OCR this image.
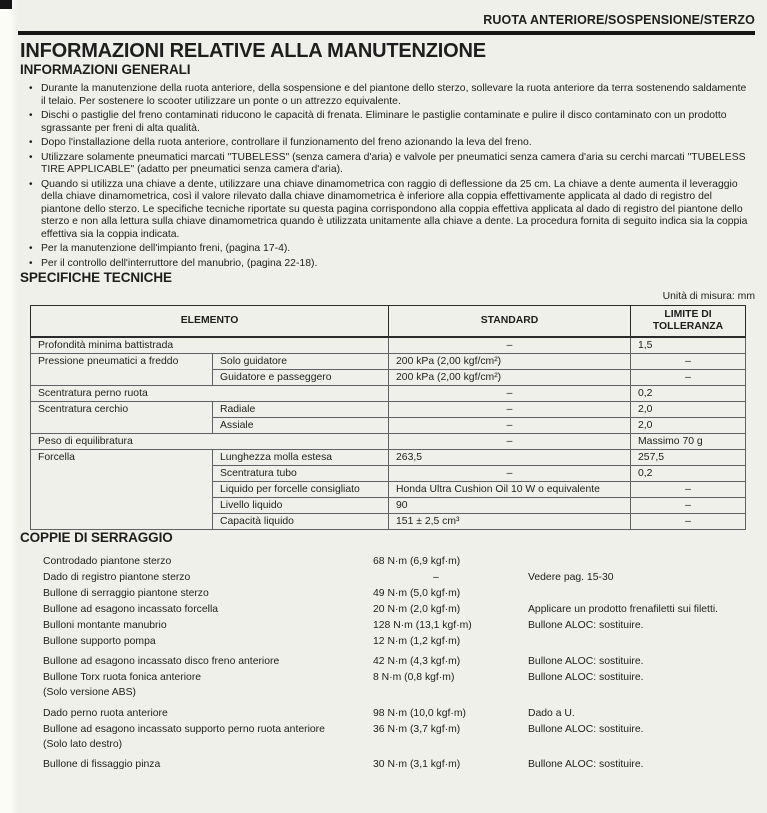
RUOTA ANTERIORE/SOSPENSIONE/STERZO
INFORMAZIONI RELATIVE ALLA MANUTENZIONE
INFORMAZIONI GENERALI
• Durante la manutenzione della ruota anteriore, della sospensione e del piantone dello sterzo, sollevare la ruota anteriore da terra sostenendo saldamente il telaio. Per sostenere lo scooter utilizzare un ponte o un attrezzo equivalente.
• Dischi o pastiglie del freno contaminati riducono le capacità di frenata. Eliminare le pastiglie contaminate e pulire il disco contaminato con un prodotto sgrassante per freni di alta qualità.
• Dopo l'installazione della ruota anteriore, controllare il funzionamento del freno azionando la leva del freno.
• Utilizzare solamente pneumatici marcati "TUBELESS" (senza camera d'aria) e valvole per pneumatici senza camera d'aria su cerchi marcati "TUBELESS TIRE APPLICABLE" (adatto per pneumatici senza camera d'aria).
• Quando si utilizza una chiave a dente, utilizzare una chiave dinamometrica con raggio di deflessione da 25 cm. La chiave a dente aumenta il leveraggio della chiave dinamometrica, così il valore rilevato dalla chiave dinamometrica è inferiore alla coppia effettivamente applicata al dado di registro del piantone dello sterzo. Le specifiche tecniche riportate su questa pagina corrispondono alla coppia effettiva applicata al dado di registro del piantone dello sterzo e non alla lettura sulla chiave dinamometrica quando è utilizzata unitamente alla chiave a dente. La procedura fornita di seguito indica sia la coppia effettiva sia la coppia indicata.
• Per la manutenzione dell'impianto freni, (pagina 17-4).
• Per il controllo dell'interruttore del manubrio, (pagina 22-18).
SPECIFICHE TECNICHE
Unità di misura: mm
ELEMENTO		STANDARD	LIMITE DI TOLLERANZA
Profondità minima battistrada		–	1,5
Pressione pneumatici a freddo	Solo guidatore	200 kPa (2,00 kgf/cm²)	–
	Guidatore e passeggero	200 kPa (2,00 kgf/cm²)	–
Scentratura perno ruota		–	0,2
Scentratura cerchio	Radiale	–	2,0
	Assiale	–	2,0
Peso di equilibratura		–	Massimo 70 g
Forcella	Lunghezza molla estesa	263,5	257,5
	Scentratura tubo	–	0,2
	Liquido per forcelle consigliato	Honda Ultra Cushion Oil 10 W o equivalente	–
	Livello liquido	90	–
	Capacità liquido	151 ± 2,5 cm³	–
COPPIE DI SERRAGGIO
Controdado piantone sterzo	68 N·m (6,9 kgf·m)
Dado di registro piantone sterzo	–	Vedere pag. 15-30
Bullone di serraggio piantone sterzo	49 N·m (5,0 kgf·m)
Bullone ad esagono incassato forcella	20 N·m (2,0 kgf·m)	Applicare un prodotto frenafiletti sui filetti.
Bulloni montante manubrio	128 N·m (13,1 kgf·m)	Bullone ALOC: sostituire.
Bullone supporto pompa	12 N·m (1,2 kgf·m)
Bullone ad esagono incassato disco freno anteriore	42 N·m (4,3 kgf·m)	Bullone ALOC: sostituire.
Bullone Torx ruota fonica anteriore
(Solo versione ABS)
8 N·m (0,8 kgf·m)	Bullone ALOC: sostituire.
Dado perno ruota anteriore	98 N·m (10,0 kgf·m)	Dado a U.
Bullone ad esagono incassato supporto perno ruota anteriore
(Solo lato destro)
36 N·m (3,7 kgf·m)	Bullone ALOC: sostituire.
Bullone di fissaggio pinza	30 N·m (3,1 kgf·m)	Bullone ALOC: sostituire.
